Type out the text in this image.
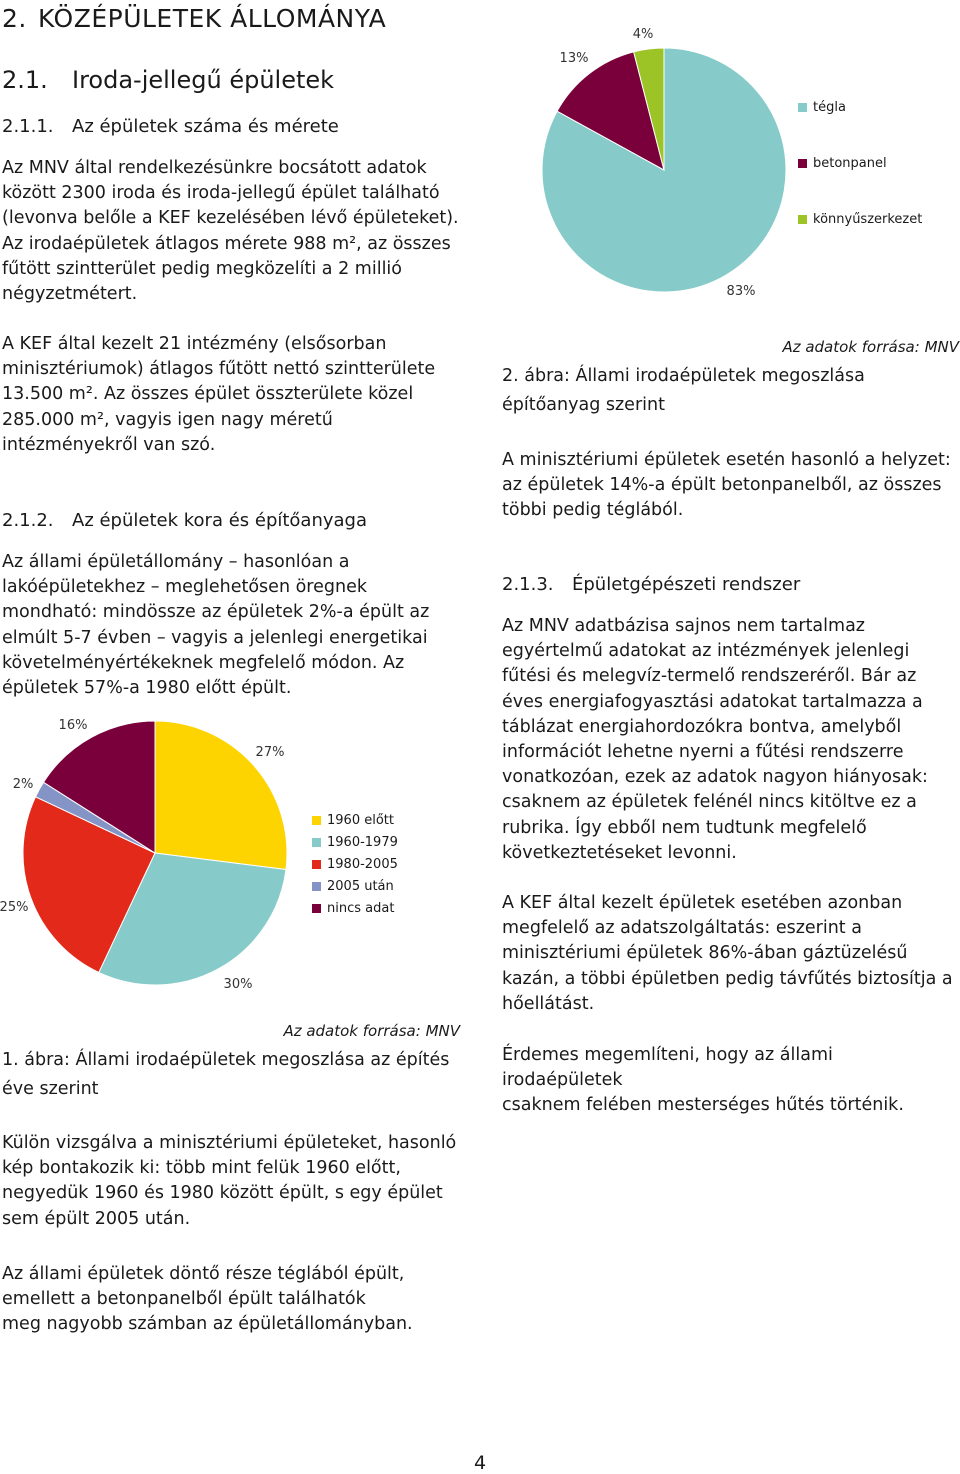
2. KÖZÉPÜLETEK ÁLLOMÁNYA
2.1. Iroda-jellegű épületek
2.1.1. Az épületek száma és mérete

Az MNV által rendelkezésünkre bocsátott adatok

között 2300 iroda és iroda-jellegű épület található

(levonva belőle a KEF kezelésében lévő épületeket).

Az irodaépületek átlagos mérete 988 m², az összes

fűtött szintterület pedig megközelíti a 2 millió

négyzetmétert.

A KEF által kezelt 21 intézmény (elsősorban

minisztériumok) átlagos fűtött nettó szintterülete

13.500 m². Az összes épület összterülete közel

285.000 m², vagyis igen nagy méretű

intézményekről van szó.

2.1.2. Az épületek kora és építőanyaga

Az állami épületállomány – hasonlóan a

lakóépületekhez – meglehetősen öregnek

mondható: mindössze az épületek 2%-a épült az

elmúlt 5-7 évben – vagyis a jelenlegi energetikai

követelményértékeknek megfelelő módon. Az

épületek 57%-a 1980 előtt épült.

27%
30%
25%
2%
16%
1960 előtt
1960-1979
1980-2005
2005 után
nincs adat
Az adatok forrása: MNV
1. ábra: Állami irodaépületek megoszlása az építés
éve szerint

Külön vizsgálva a minisztériumi épületeket, hasonló

kép bontakozik ki: több mint felük 1960 előtt,

negyedük 1960 és 1980 között épült, s egy épület

sem épült 2005 után.

Az állami épületek döntő része téglából épült,

emellett a betonpanelből épült találhatók

meg nagyobb számban az épületállományban.

83%
13%
4%
tégla
betonpanel
könnyűszerkezet
Az adatok forrása: MNV
2. ábra: Állami irodaépületek megoszlása
építőanyag szerint

A minisztériumi épületek esetén hasonló a helyzet:

az épületek 14%-a épült betonpanelből, az összes

többi pedig téglából.

2.1.3. Épületgépészeti rendszer

Az MNV adatbázisa sajnos nem tartalmaz

egyértelmű adatokat az intézmények jelenlegi

fűtési és melegvíz-termelő rendszeréről. Bár az

éves energiafogyasztási adatokat tartalmazza a

táblázat energiahordozókra bontva, amelyből

információt lehetne nyerni a fűtési rendszerre

vonatkozóan, ezek az adatok nagyon hiányosak:

csaknem az épületek felénél nincs kitöltve ez a

rubrika. Így ebből nem tudtunk megfelelő

következtetéseket levonni.

A KEF által kezelt épületek esetében azonban

megfelelő az adatszolgáltatás: eszerint a

minisztériumi épületek 86%-ában gáztüzelésű

kazán, a többi épületben pedig távfűtés biztosítja a

hőellátást.

Érdemes megemlíteni, hogy az állami irodaépületek

csaknem felében mesterséges hűtés történik.

4
